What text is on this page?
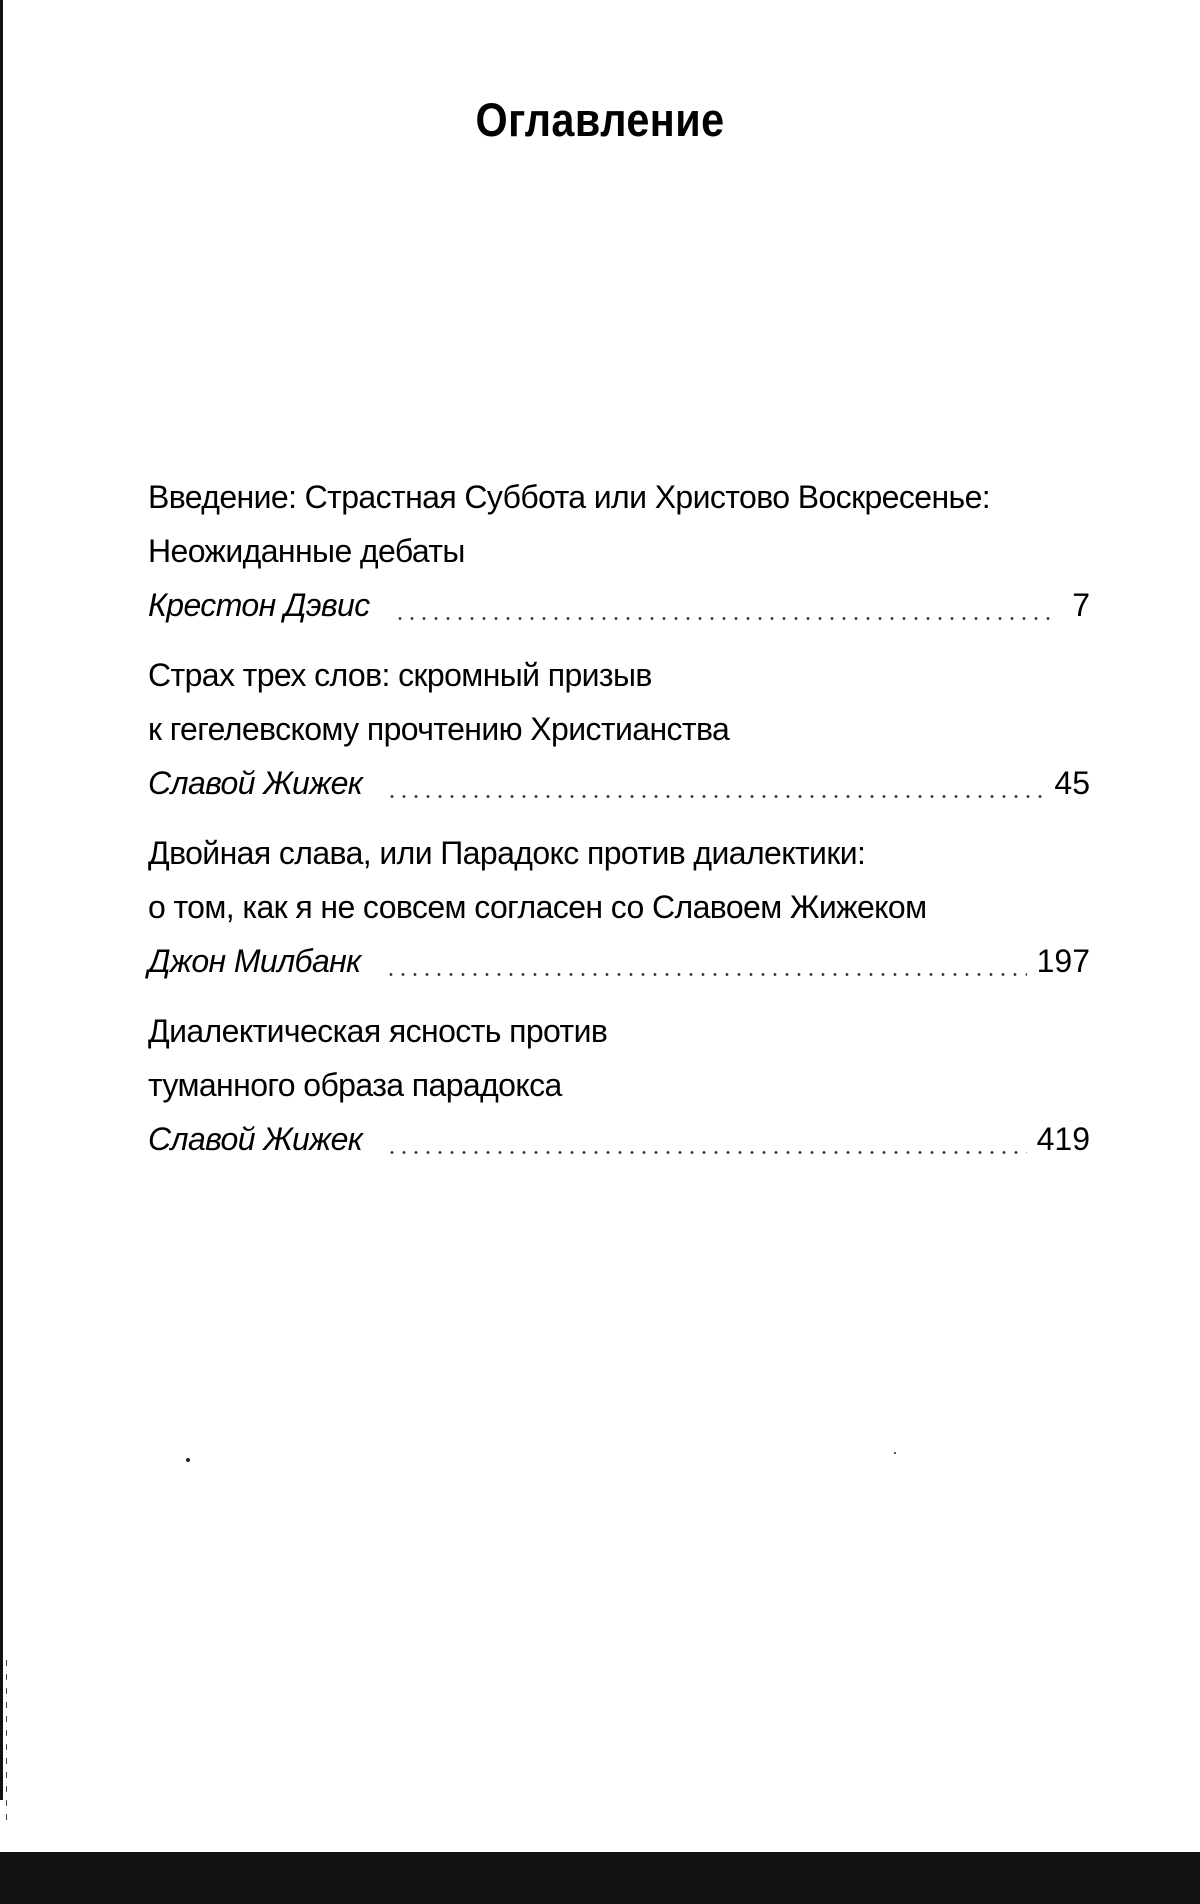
Оглавление
Введение: Страстная Суббота или Христово Воскресенье:
Неожиданные дебаты
Крестон Дэвис	7
Страх трех слов: скромный призыв
к гегелевскому прочтению Христианства
Славой Жижек	45
Двойная слава, или Парадокс против диалектики:
о том, как я не совсем согласен со Славоем Жижеком
Джон Милбанк	197
Диалектическая ясность против
туманного образа парадокса
Славой Жижек	419
